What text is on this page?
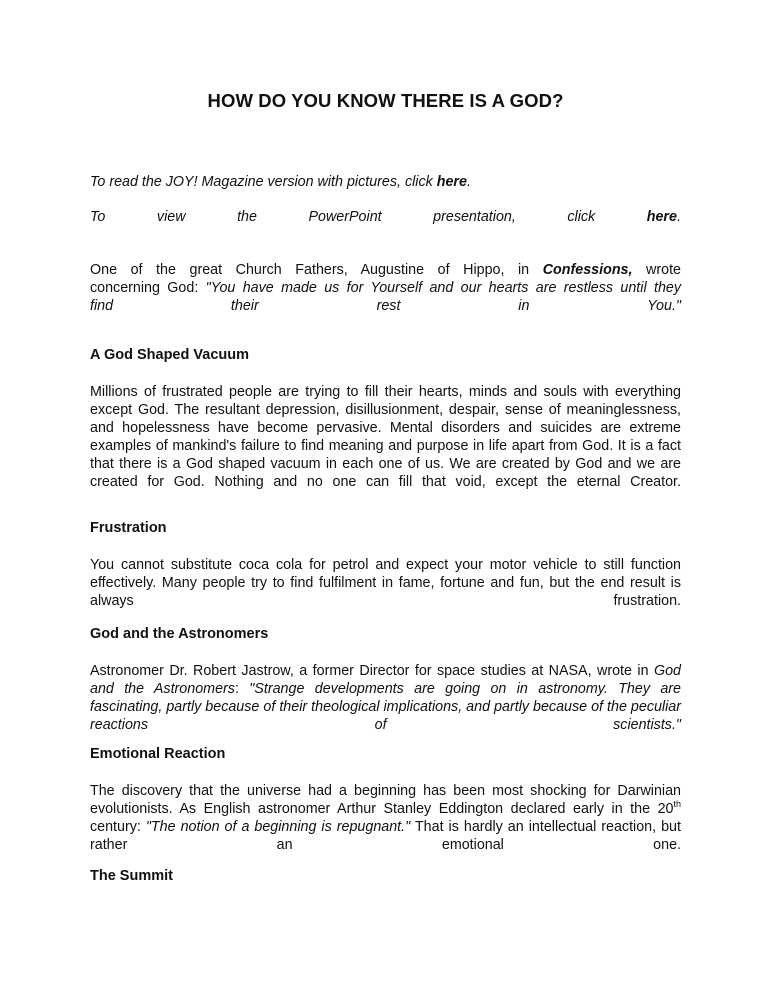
HOW DO YOU KNOW THERE IS A GOD?
To read the JOY! Magazine version with pictures, click here.
To	view	the	PowerPoint	presentation,	click	here.
One of the great Church Fathers, Augustine of Hippo, in Confessions, wrote
concerning God: "You have made us for Yourself and our hearts are restless until they
find	their	rest	in	You."
A God Shaped Vacuum
Millions of frustrated people are trying to fill their hearts, minds and souls with everything except God. The resultant depression, disillusionment, despair, sense of meaninglessness, and hopelessness have become pervasive. Mental disorders and suicides are extreme examples of mankind's failure to find meaning and purpose in life apart from God. It is a fact that there is a God shaped vacuum in each one of us. We are created by God and we are created for God. Nothing and no one can fill that void, except the eternal Creator.
Frustration
You cannot substitute coca cola for petrol and expect your motor vehicle to still function effectively. Many people try to find fulfilment in fame, fortune and fun, but the end result is always frustration.
God and the Astronomers
Astronomer Dr. Robert Jastrow, a former Director for space studies at NASA, wrote in God and the Astronomers: "Strange developments are going on in astronomy. They are fascinating, partly because of their theological implications, and partly because of the peculiar reactions of scientists."
Emotional Reaction
The discovery that the universe had a beginning has been most shocking for Darwinian evolutionists. As English astronomer Arthur Stanley Eddington declared early in the 20th century: "The notion of a beginning is repugnant." That is hardly an intellectual reaction, but rather an emotional one.
The Summit
